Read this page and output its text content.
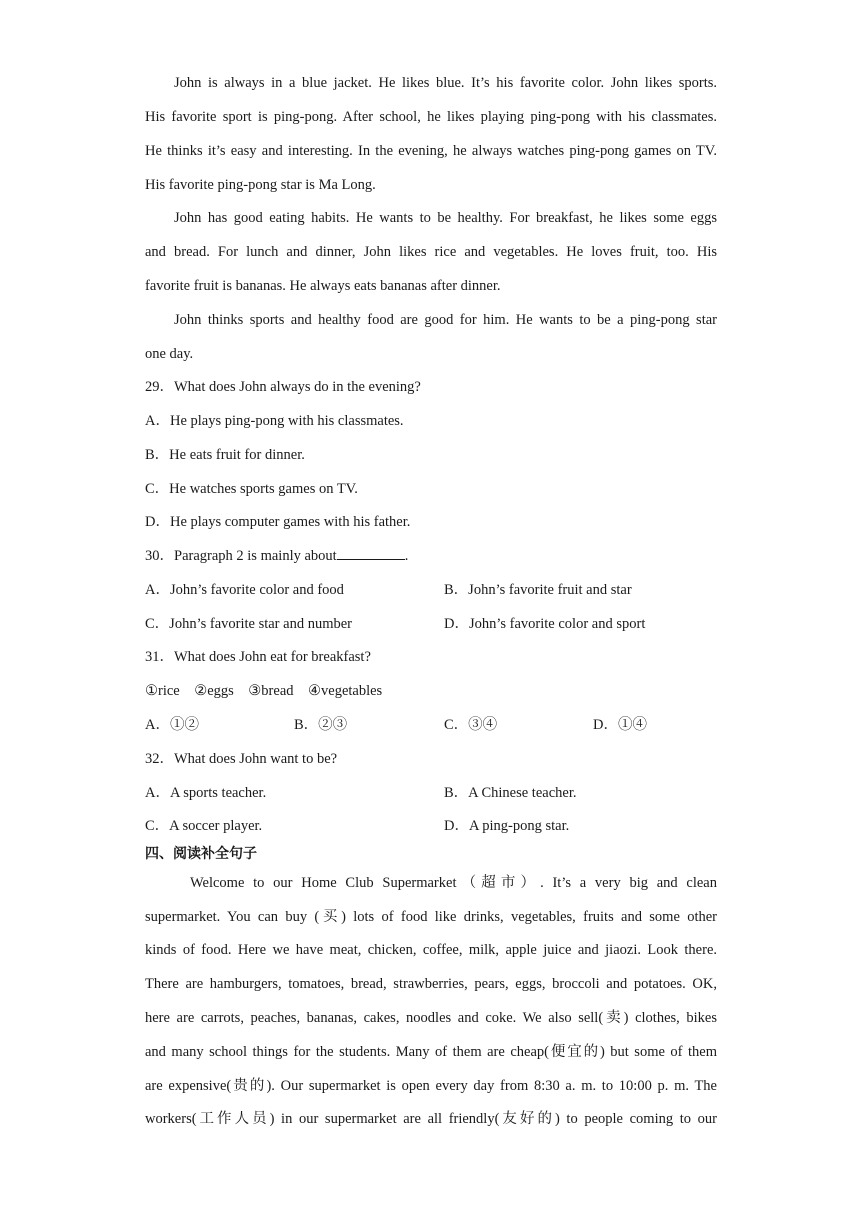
John is always in a blue jacket. He likes blue. It’s his favorite color. John likes sports.
His favorite sport is ping-pong. After school, he likes playing ping-pong with his classmates.
He thinks it’s easy and interesting. In the evening, he always watches ping-pong games on TV.
His favorite ping-pong star is Ma Long.
John has good eating habits. He wants to be healthy. For breakfast, he likes some eggs
and bread. For lunch and dinner, John likes rice and vegetables. He loves fruit, too. His
favorite fruit is bananas. He always eats bananas after dinner.
John thinks sports and healthy food are good for him. He wants to be a ping-pong star
one day.
29．What does John always do in the evening?
A．He plays ping-pong with his classmates.
B．He eats fruit for dinner.
C．He watches sports games on TV.
D．He plays computer games with his father.
30．Paragraph 2 is mainly about	.
A．John’s favorite color and food	B．John’s favorite fruit and star
C．John’s favorite star and number	D．John’s favorite color and sport
31．What does John eat for breakfast?
①rice　②eggs　③bread　④vegetables
A．①②	B．②③	C．③④	D．①④
32．What does John want to be?
A．A sports teacher.	B．A Chinese teacher.
C．A soccer player.	D．A ping-pong star.
四、阅读补全句子
Welcome to our Home Club Supermarket（超市）. It’s a very big and clean
supermarket. You can buy (买) lots of food like drinks, vegetables, fruits and some other
kinds of food. Here we have meat, chicken, coffee, milk, apple juice and jiaozi. Look there.
There are hamburgers, tomatoes, bread, strawberries, pears, eggs, broccoli and potatoes. OK,
here are carrots, peaches, bananas, cakes, noodles and coke. We also sell(卖) clothes, bikes
and many school things for the students. Many of them are cheap(便宜的) but some of them
are expensive(贵的). Our supermarket is open every day from 8:30 a. m. to 10:00 p. m. The
workers(工作人员) in our supermarket are all friendly(友好的) to people coming to our
